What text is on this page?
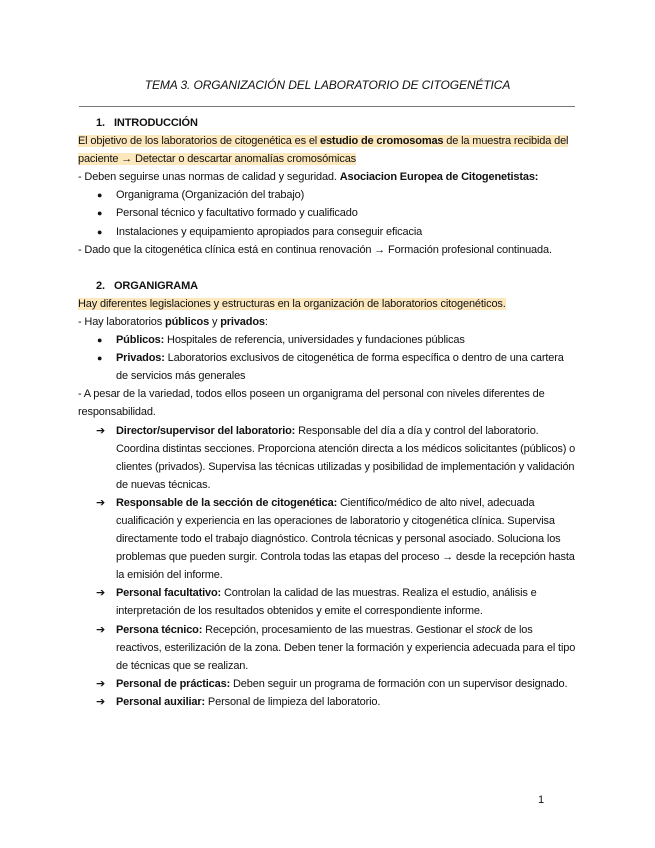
TEMA 3. ORGANIZACIÓN DEL LABORATORIO DE CITOGENÉTICA
1. INTRODUCCIÓN

El objetivo de los laboratorios de citogenética es el estudio de cromosomas de la muestra recibida del paciente → Detectar o descartar anomalías cromosómicas

- Deben seguirse unas normas de calidad y seguridad. Asociacion Europea de Citogenetistas:

● Organigrama (Organización del trabajo)
● Personal técnico y facultativo formado y cualificado
● Instalaciones y equipamiento apropiados para conseguir eficacia

- Dado que la citogenética clínica está en continua renovación → Formación profesional continuada.

2. ORGANIGRAMA

Hay diferentes legislaciones y estructuras en la organización de laboratorios citogenéticos.

- Hay laboratorios públicos y privados:

● Públicos: Hospitales de referencia, universidades y fundaciones públicas
● Privados: Laboratorios exclusivos de citogenética de forma específica o dentro de una cartera de servicios más generales

- A pesar de la variedad, todos ellos poseen un organigrama del personal con niveles diferentes de responsabilidad.

➔ Director/supervisor del laboratorio: Responsable del día a día y control del laboratorio. Coordina distintas secciones. Proporciona atención directa a los médicos solicitantes (públicos) o clientes (privados). Supervisa las técnicas utilizadas y posibilidad de implementación y validación de nuevas técnicas.
➔ Responsable de la sección de citogenética: Científico/médico de alto nivel, adecuada cualificación y experiencia en las operaciones de laboratorio y citogenética clínica. Supervisa directamente todo el trabajo diagnóstico. Controla técnicas y personal asociado. Soluciona los problemas que pueden surgir. Controla todas las etapas del proceso → desde la recepción hasta la emisión del informe.
➔ Personal facultativo: Controlan la calidad de las muestras. Realiza el estudio, análisis e interpretación de los resultados obtenidos y emite el correspondiente informe.
➔ Persona técnico: Recepción, procesamiento de las muestras. Gestionar el stock de los reactivos, esterilización de la zona. Deben tener la formación y experiencia adecuada para el tipo de técnicas que se realizan.
➔ Personal de prácticas: Deben seguir un programa de formación con un supervisor designado.
➔ Personal auxiliar: Personal de limpieza del laboratorio.
1
